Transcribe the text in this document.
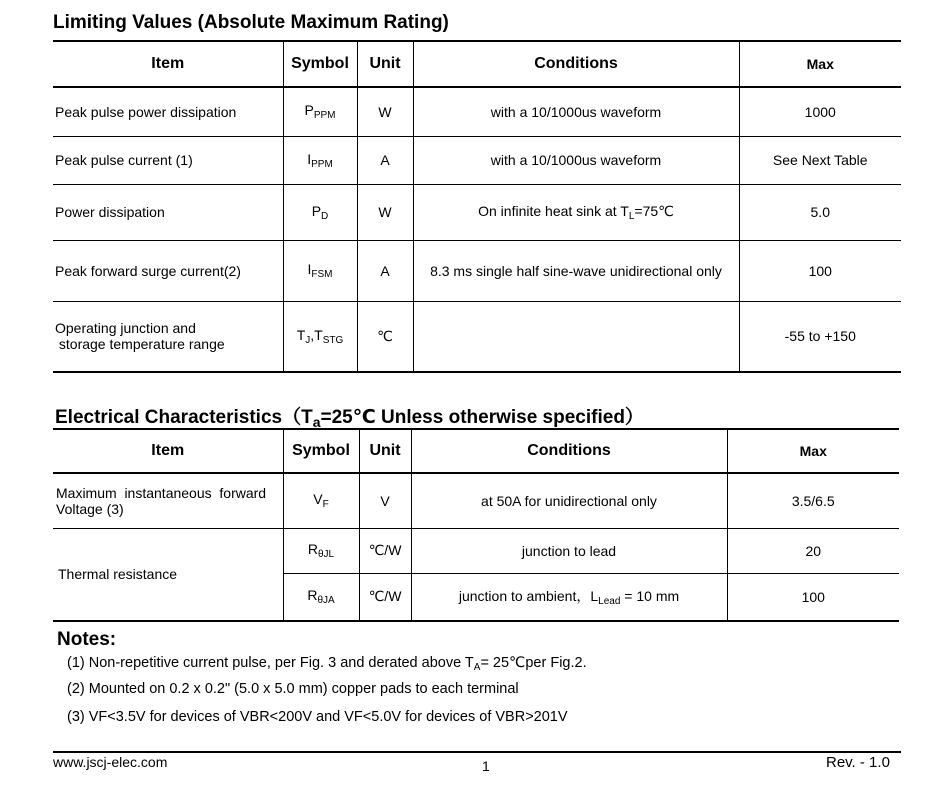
Limiting Values (Absolute Maximum Rating)
Item	Symbol	Unit	Conditions	Max
Peak pulse power dissipation	$P_{PPM}$	W	with a 10/1000us waveform	1000
Peak pulse current (1)	$I_{PPM}$	A	with a 10/1000us waveform	See Next Table
Power dissipation	$P_D$	W	On infinite heat sink at $T_L=75℃$	5.0
Peak forward surge current(2)	$I_{FSM}$	A	8.3 ms single half sine-wave unidirectional only	100
Operating junction and
storage temperature range	$T_J,T_{STG}$	℃		-55 to +150
Electrical $Characteristics(T_a=25℃$ Unless otherwise specified）
Item	Symbol	Unit	Conditions	Max

Maximum  instantaneous  forward
Voltage (3)	$V_F$	V	at 50A for unidirectional only	3.5/6.5
Thermal resistance	$R_{\theta JL}$	℃/W	junction to lead	20
	$R_{\theta JA}$	℃/W	junction to ambient，$L_{Lead} = 10$ mm	100
Notes:
(1) Non-repetitive current pulse, per Fig. 3 and derated above $T_A=$ 25℃per Fig.2.
(2) Mounted on 0.2 x 0.2" (5.0 x 5.0 mm) copper pads to each terminal
(3) VF<3.5V for devices of VBR<200V and VF<5.0V for devices of VBR>201V
www.jscj-elec.com	1	Rev. - 1.0
